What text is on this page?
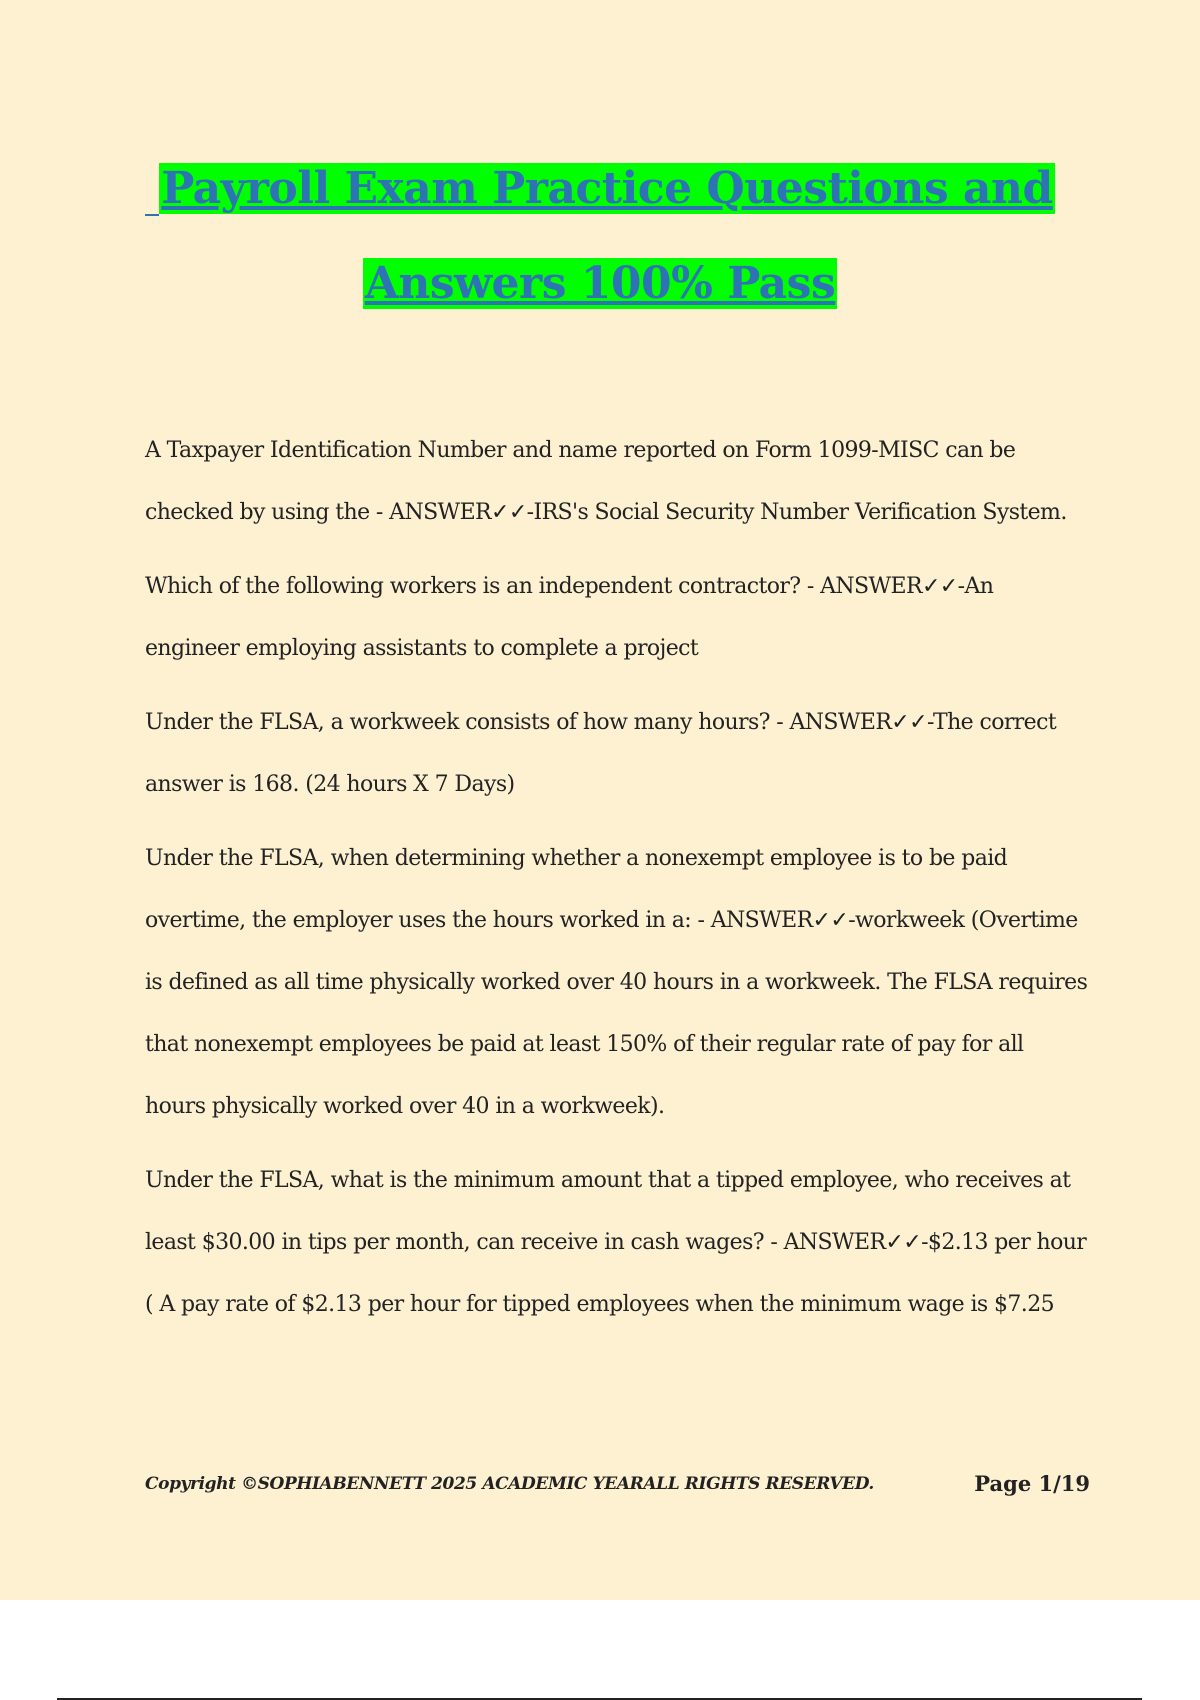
Payroll Exam Practice Questions and
Answers 100% Pass

A Taxpayer Identification Number and name reported on Form 1099-MISC can be checked by using the - ANSWER✓✓-IRS's Social Security Number Verification System.

Which of the following workers is an independent contractor? - ANSWER✓✓-An engineer employing assistants to complete a project

Under the FLSA, a workweek consists of how many hours? - ANSWER✓✓-The correct answer is 168. (24 hours X 7 Days)

Under the FLSA, when determining whether a nonexempt employee is to be paid overtime, the employer uses the hours worked in a: - ANSWER✓✓-workweek (Overtime is defined as all time physically worked over 40 hours in a workweek. The FLSA requires that nonexempt employees be paid at least 150% of their regular rate of pay for all hours physically worked over 40 in a workweek).

Under the FLSA, what is the minimum amount that a tipped employee, who receives at least $30.00 in tips per month, can receive in cash wages? - ANSWER✓✓-$2.13 per hour ( A pay rate of $2.13 per hour for tipped employees when the minimum wage is $7.25

Copyright ©SOPHIABENNETT 2025 ACADEMIC YEARALL RIGHTS RESERVED.	Page 1/19
